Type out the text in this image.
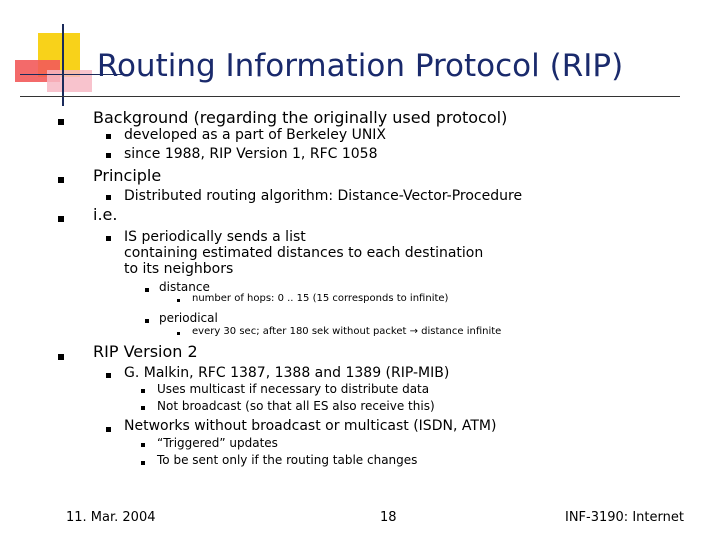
Routing Information Protocol (RIP)
Background (regarding the originally used protocol)
developed as a part of Berkeley UNIX
since 1988, RIP Version 1, RFC 1058
Principle
Distributed routing algorithm: Distance-Vector-Procedure
i.e.
IS periodically sends a list
containing estimated distances to each destination
to its neighbors
distance
number of hops: 0 .. 15 (15 corresponds to infinite)
periodical
every 30 sec; after 180 sek without packet → distance infinite
RIP Version 2
G. Malkin, RFC 1387, 1388 and 1389 (RIP-MIB)
Uses multicast if necessary to distribute data
Not broadcast (so that all ES also receive this)
Networks without broadcast or multicast (ISDN, ATM)
“Triggered” updates
To be sent only if the routing table changes
11. Mar. 2004	18	INF-3190: Internet
